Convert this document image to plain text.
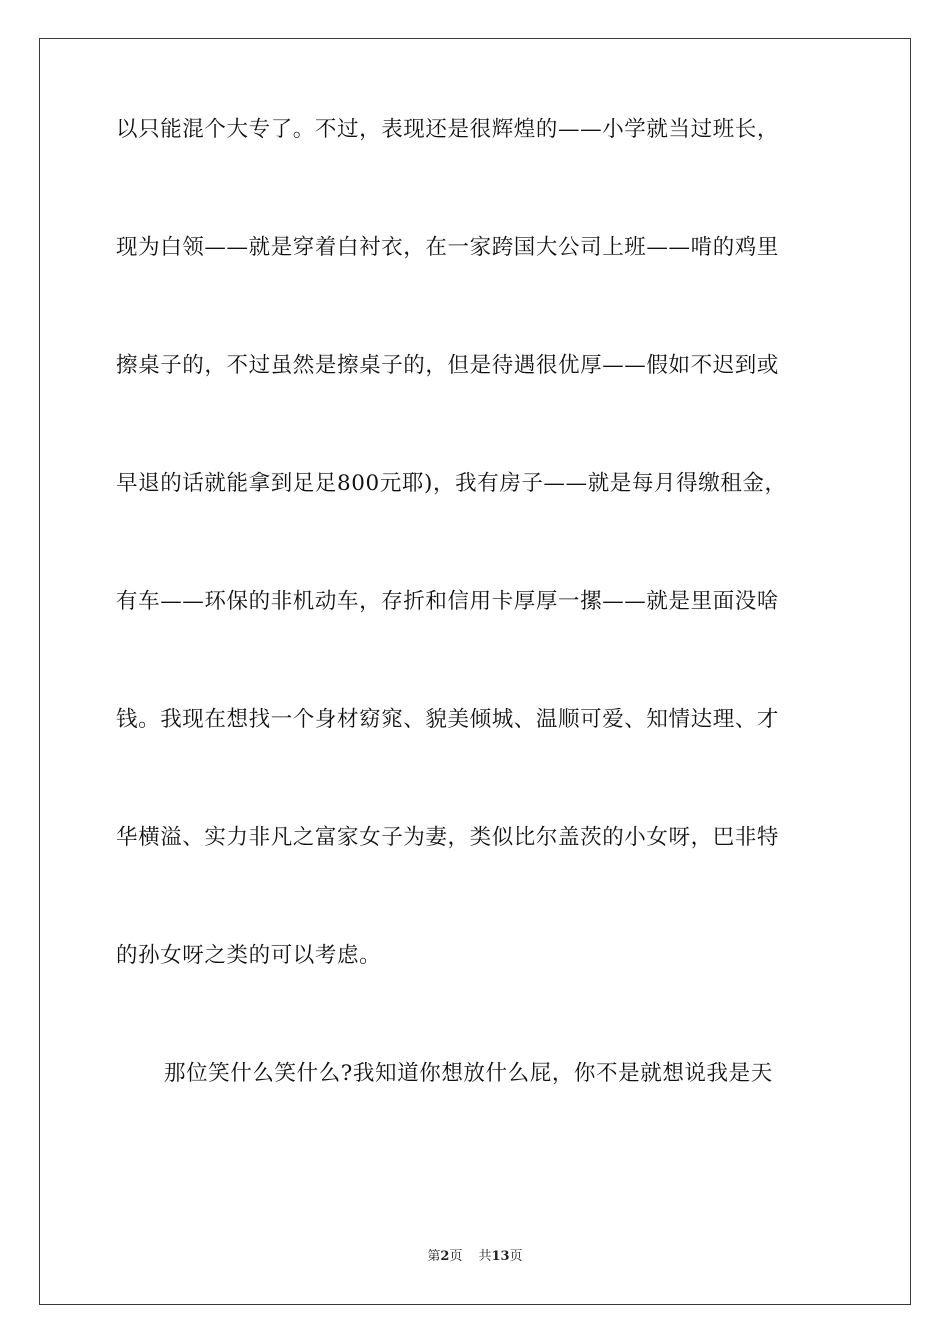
以只能混个大专了。不过，表现还是很辉煌的——小学就当过班长，
现为白领——就是穿着白衬衣，在一家跨国大公司上班——啃的鸡里
擦桌子的，不过虽然是擦桌子的，但是待遇很优厚——假如不迟到或
早退的话就能拿到足足800元耶)，我有房子——就是每月得缴租金，
有车——环保的非机动车，存折和信用卡厚厚一摞——就是里面没啥
钱。我现在想找一个身材窈窕、貌美倾城、温顺可爱、知情达理、才
华横溢、实力非凡之富家女子为妻，类似比尔盖茨的小女呀，巴非特
的孙女呀之类的可以考虑。
那位笑什么笑什么?我知道你想放什么屁，你不是就想说我是天
第2页 共13页
